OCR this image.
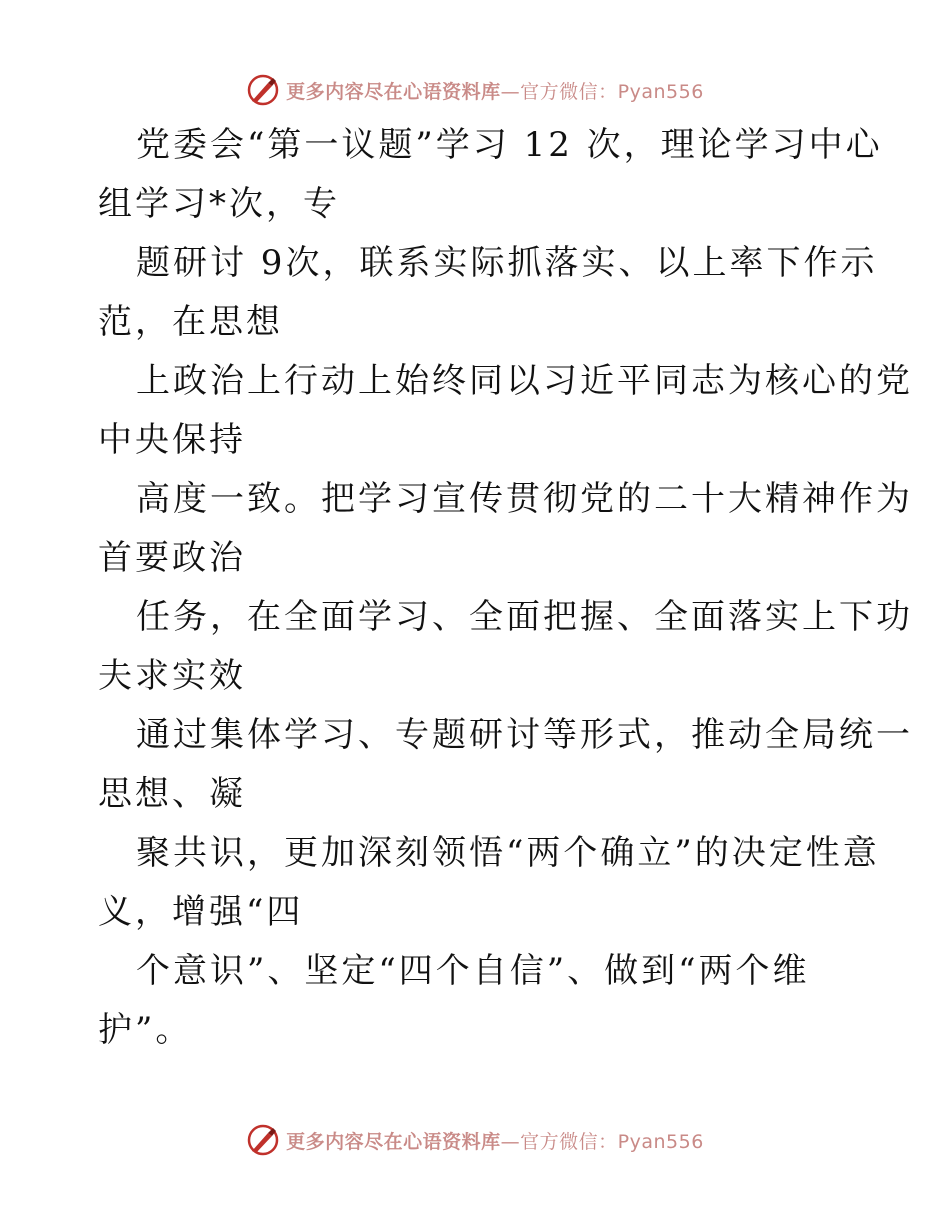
更多内容尽在心语资料库—官方微信：Pyan556

党委会“第一议题”学习 12 次，理论学习中心
组学习*次，专

题研讨 9次，联系实际抓落实、以上率下作示
范，在思想

上政治上行动上始终同以习近平同志为核心的党
中央保持

高度一致。把学习宣传贯彻党的二十大精神作为
首要政治

任务，在全面学习、全面把握、全面落实上下功
夫求实效

通过集体学习、专题研讨等形式，推动全局统一
思想、凝

聚共识，更加深刻领悟“两个确立”的决定性意
义，增强“四

个意识”、坚定“四个自信”、做到“两个维
护”。

更多内容尽在心语资料库—官方微信：Pyan556
